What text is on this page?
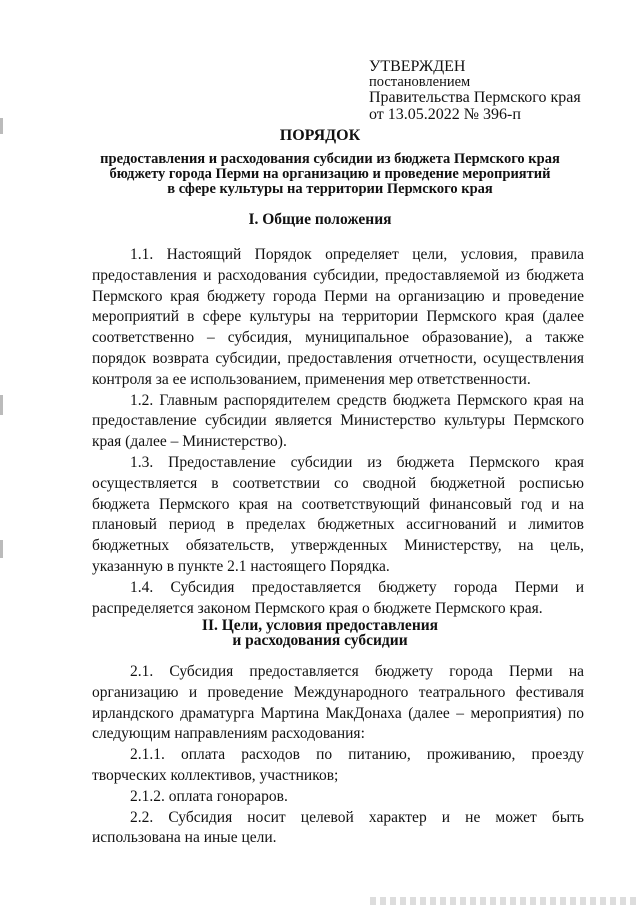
УТВЕРЖДЕН
постановлением
Правительства Пермского края
от 13.05.2022 № 396-п
ПОРЯДОК
предоставления и расходования субсидии из бюджета Пермского края
бюджету города Перми на организацию и проведение мероприятий
в сфере культуры на территории Пермского края
I. Общие положения

1.1. Настоящий Порядок определяет цели, условия, правила предоставления и расходования субсидии, предоставляемой из бюджета Пермского края бюджету города Перми на организацию и проведение мероприятий в сфере культуры на территории Пермского края (далее соответственно – субсидия, муниципальное образование), а также порядок возврата субсидии, предоставления отчетности, осуществления контроля за ее использованием, применения мер ответственности.

1.2. Главным распорядителем средств бюджета Пермского края на предоставление субсидии является Министерство культуры Пермского края (далее – Министерство).

1.3. Предоставление субсидии из бюджета Пермского края осуществляется в соответствии со сводной бюджетной росписью бюджета Пермского края на соответствующий финансовый год и на плановый период в пределах бюджетных ассигнований и лимитов бюджетных обязательств, утвержденных Министерству, на цель, указанную в пункте 2.1 настоящего Порядка.

1.4. Субсидия предоставляется бюджету города Перми и распределяется законом Пермского края о бюджете Пермского края.

II. Цели, условия предоставления
и расходования субсидии

2.1. Субсидия предоставляется бюджету города Перми на организацию и проведение Международного театрального фестиваля ирландского драматурга Мартина МакДонаха (далее – мероприятия) по следующим направлениям расходования:

2.1.1. оплата расходов по питанию, проживанию, проезду творческих коллективов, участников;

2.1.2. оплата гонораров.

2.2. Субсидия носит целевой характер и не может быть использована на иные цели.
